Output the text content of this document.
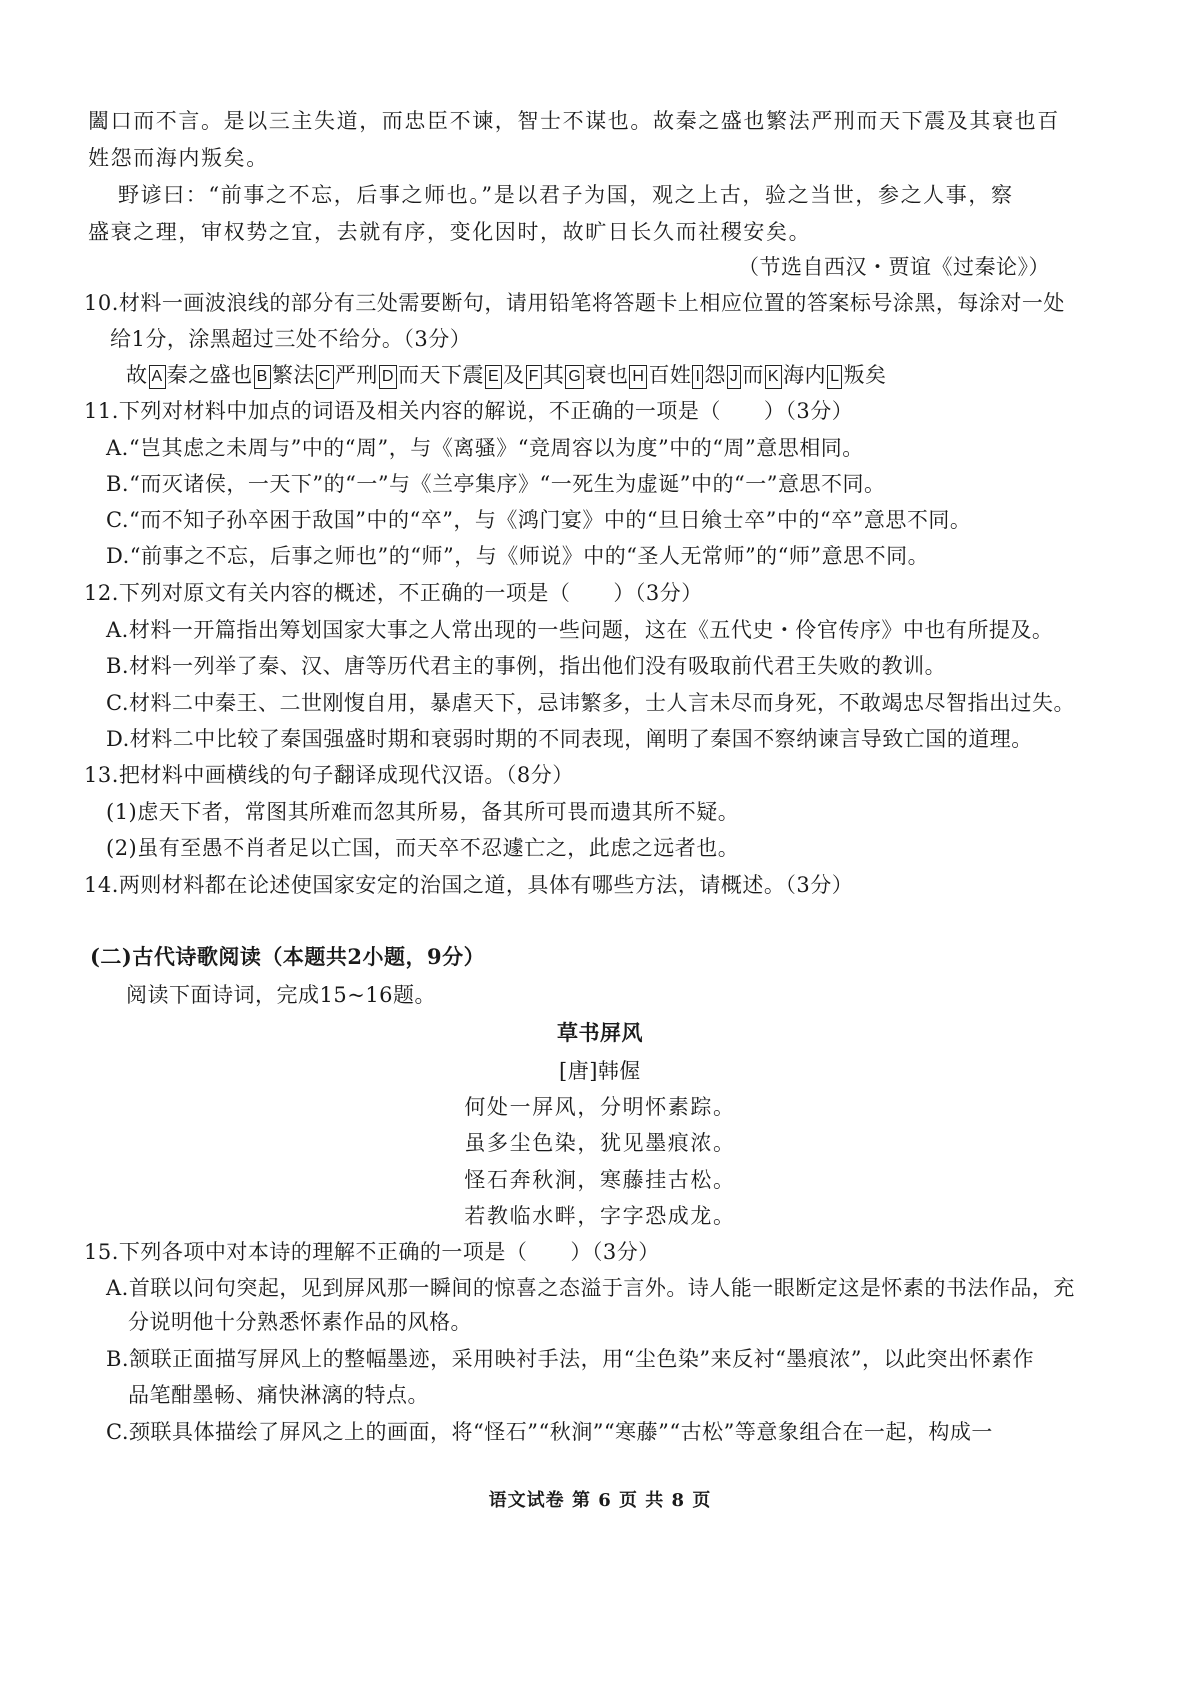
闔口而不言。是以三主失道，而忠臣不谏，智士不谋也。故秦之盛也繁法严刑而天下震及其衰也百
姓怨而海内叛矣。
野谚曰：“前事之不忘，后事之师也。”是以君子为国，观之上古，验之当世，参之人事，察
盛衰之理，审权势之宜，去就有序，变化因时，故旷日长久而社稷安矣。
（节选自西汉・贾谊《过秦论》）
10.材料一画波浪线的部分有三处需要断句，请用铅笔将答题卡上相应位置的答案标号涂黑，每涂对一处
给1分，涂黑超过三处不给分。（3分）
故 A 秦之盛也 B 繁法 C 严刑 D 而天下震 E 及 F 其 G 衰也 H 百姓 I 怨 J 而 K 海内 L 叛矣
11.下列对材料中加点的词语及相关内容的解说，不正确的一项是（　　）（3分）
A.“岂其虑之未周与”中的“周”，与《离骚》“竞周容以为度”中的“周”意思相同。
B.“而灭诸侯，一天下”的“一”与《兰亭集序》“一死生为虚诞”中的“一”意思不同。
C.“而不知子孙卒困于敌国”中的“卒”，与《鸿门宴》中的“旦日飨士卒”中的“卒”意思不同。
D.“前事之不忘，后事之师也”的“师”，与《师说》中的“圣人无常师”的“师”意思不同。
12.下列对原文有关内容的概述，不正确的一项是（　　）（3分）
A.材料一开篇指出筹划国家大事之人常出现的一些问题，这在《五代史・伶官传序》中也有所提及。
B.材料一列举了秦、汉、唐等历代君主的事例，指出他们没有吸取前代君王失败的教训。
C.材料二中秦王、二世刚愎自用，暴虐天下，忌讳繁多，士人言未尽而身死，不敢竭忠尽智指出过失。
D.材料二中比较了秦国强盛时期和衰弱时期的不同表现，阐明了秦国不察纳谏言导致亡国的道理。
13.把材料中画横线的句子翻译成现代汉语。（8分）
(1)虑天下者，常图其所难而忽其所易，备其所可畏而遗其所不疑。
(2)虽有至愚不肖者足以亡国，而天卒不忍遽亡之，此虑之远者也。
14.两则材料都在论述使国家安定的治国之道，具体有哪些方法，请概述。（3分）
(二)古代诗歌阅读（本题共2小题，9分）
阅读下面诗词，完成15~16题。
草书屏风
[唐]韩偓
何处一屏风，分明怀素踪。
虽多尘色染，犹见墨痕浓。
怪石奔秋涧，寒藤挂古松。
若教临水畔，字字恐成龙。
15.下列各项中对本诗的理解不正确的一项是（　　）（3分）
A.首联以问句突起，见到屏风那一瞬间的惊喜之态溢于言外。诗人能一眼断定这是怀素的书法作品，充
分说明他十分熟悉怀素作品的风格。
B.颔联正面描写屏风上的整幅墨迹，采用映衬手法，用“尘色染”来反衬“墨痕浓”，以此突出怀素作
品笔酣墨畅、痛快淋漓的特点。
C.颈联具体描绘了屏风之上的画面，将“怪石”“秋涧”“寒藤”“古松”等意象组合在一起，构成一
语文试卷 第 6 页 共 8 页
